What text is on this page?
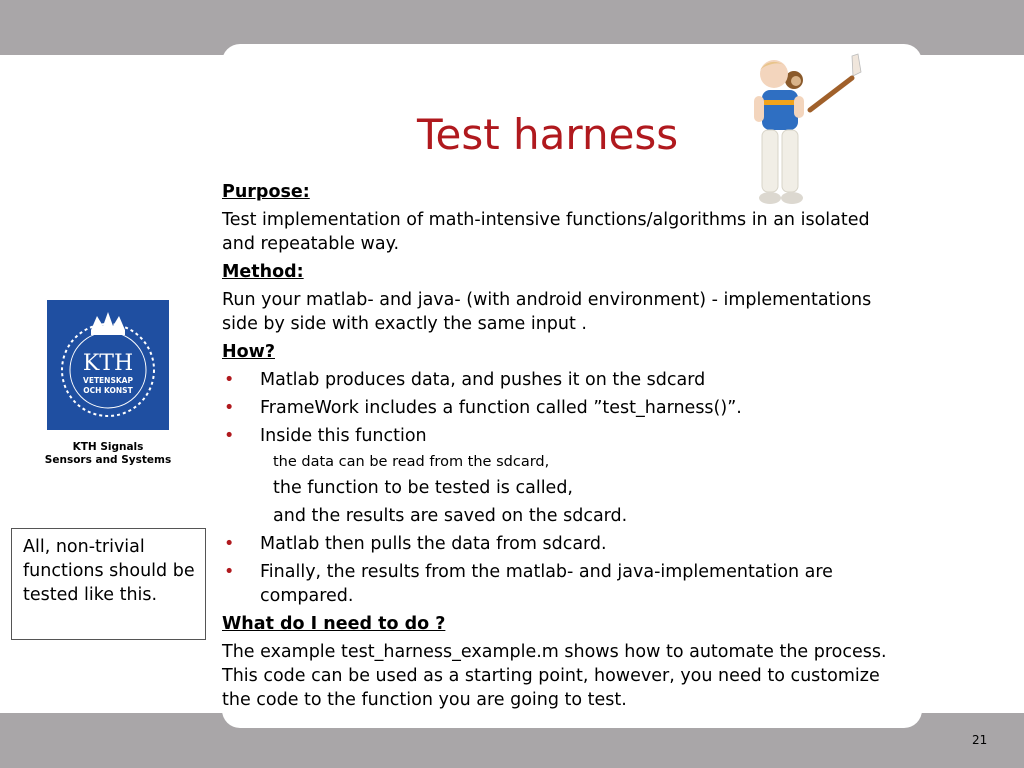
Test harness
KTH
VETENSKAP
OCH KONST
KTH Signals
Sensors and Systems
All, non-trivial functions should be tested like this.

Purpose:

Test implementation of math-intensive functions/algorithms in an isolated and repeatable way.

Method:

Run your matlab- and java- (with android environment) - implementations side by side with exactly the same input .

How?

• Matlab produces data, and pushes it on the sdcard
• FrameWork includes a function called ”test_harness()”.
• Inside this function

the data can be read from the sdcard,

the function to be tested is called,

and the results are saved on the sdcard.

• Matlab then pulls the data from sdcard.
• Finally, the results from the matlab- and java-implementation are compared.

What do I need to do ?

The example test_harness_example.m shows how to automate the process. This code can be used as a starting point, however, you need to customize the code to the function you are going to test.

21
